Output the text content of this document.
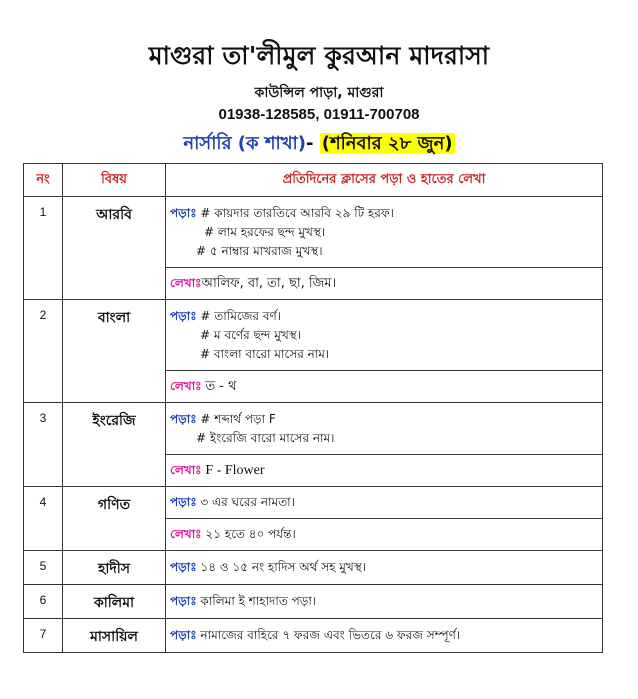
মাগুরা তা'লীমুল কুরআন মাদরাসা
কাউন্সিল পাড়া, মাগুরা
01938-128585, 01911-700708
নার্সারি (ক শাখা)- (শনিবার ২৮ জুন)
নং	বিষয়	প্রতিদিনের ক্লাসের পড়া ও হাতের লেখা
1	আরবি	পড়াঃ # কায়দার তারতিবে আরবি ২৯ টি হরফ।
# লাম হরফের ছন্দ মুখস্থ।
# ৫ নাম্বার মাখরাজ মুখস্থ।

		লেখাঃআলিফ, বা, তা, ছা, জিম।

2	বাংলা	পড়াঃ # তামিজের বর্ণ।
# ম বর্ণের ছন্দ মুখস্থ।
# বাংলা বারো মাসের নাম।

		লেখাঃ ত - থ

3	ইংরেজি	পড়াঃ # শব্দার্থ পড়া F
# ইংরেজি বারো মাসের নাম।

		লেখাঃ F - Flower

4	গণিত	পড়াঃ ৩ এর ঘরের নামতা।

		লেখাঃ ২১ হতে ৪০ পর্যন্ত।

5	হাদীস	পড়াঃ ১৪ ও ১৫ নং হাদিস অর্থ সহ মুখস্থ।

6	কালিমা	পড়াঃ কালিমা ই শাহাদাত পড়া।

7	মাসায়িল	পড়াঃ নামাজের বাহিরে ৭ ফরজ এবং ভিতরে ৬ ফরজ সম্পূর্ণ।
